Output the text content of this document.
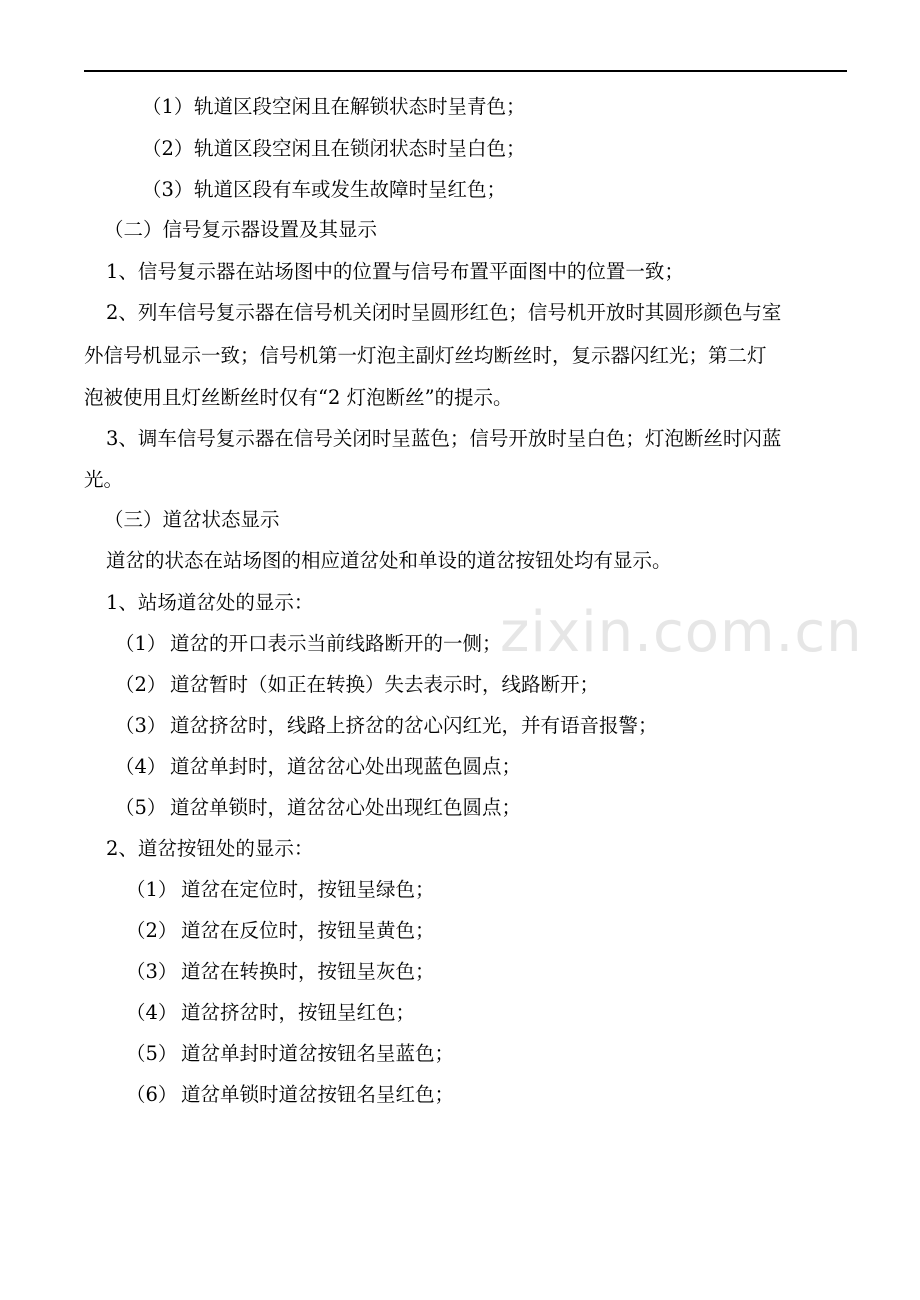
zixin.com.cn
（1）轨道区段空闲且在解锁状态时呈青色；
（2）轨道区段空闲且在锁闭状态时呈白色；
（3）轨道区段有车或发生故障时呈红色；
（二）信号复示器设置及其显示
1、信号复示器在站场图中的位置与信号布置平面图中的位置一致；
2、列车信号复示器在信号机关闭时呈圆形红色；信号机开放时其圆形颜色与室
外信号机显示一致；信号机第一灯泡主副灯丝均断丝时，复示器闪红光；第二灯
泡被使用且灯丝断丝时仅有“2 灯泡断丝”的提示。
3、调车信号复示器在信号关闭时呈蓝色；信号开放时呈白色；灯泡断丝时闪蓝
光。
（三）道岔状态显示
道岔的状态在站场图的相应道岔处和单设的道岔按钮处均有显示。
1、站场道岔处的显示：
（1） 道岔的开口表示当前线路断开的一侧；
（2） 道岔暂时（如正在转换）失去表示时，线路断开；
（3） 道岔挤岔时，线路上挤岔的岔心闪红光，并有语音报警；
（4） 道岔单封时，道岔岔心处出现蓝色圆点；
（5） 道岔单锁时，道岔岔心处出现红色圆点；
2、道岔按钮处的显示：
（1） 道岔在定位时，按钮呈绿色；
（2） 道岔在反位时，按钮呈黄色；
（3） 道岔在转换时，按钮呈灰色；
（4） 道岔挤岔时，按钮呈红色；
（5） 道岔单封时道岔按钮名呈蓝色；
（6） 道岔单锁时道岔按钮名呈红色；
